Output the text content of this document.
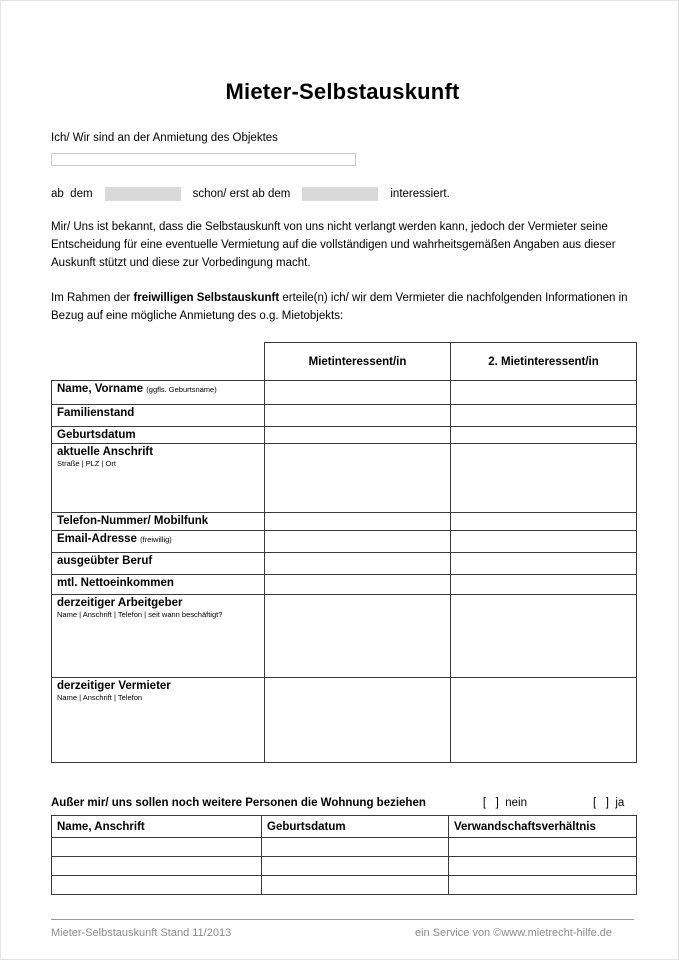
Mieter-Selbstauskunft
Ich/ Wir sind an der Anmietung des Objektes
ab  dem	schon/ erst ab dem	interessiert.

Mir/ Uns ist bekannt, dass die Selbstauskunft von uns nicht verlangt werden kann, jedoch der Vermieter seine Entscheidung für eine eventuelle Vermietung auf die vollständigen und wahrheitsgemäßen Angaben aus dieser Auskunft stützt und diese zur Vorbedingung macht.

Im Rahmen der freiwilligen Selbstauskunft erteile(n) ich/ wir dem Vermieter die nachfolgenden Informationen in Bezug auf eine mögliche Anmietung des o.g. Mietobjekts:

	Mietinteressent/in	2. Mietinteressent/in
Name, Vorname (ggfls. Geburtsname)		
Familienstand		
Geburtsdatum		
aktuelle Anschrift
Straße | PLZ | Ort		

Telefon-Nummer/ Mobilfunk		
Email-Adresse (freiwillig)		
ausgeübter Beruf		
mtl. Nettoeinkommen		
derzeitiger Arbeitgeber
Name | Anschrift | Telefon | seit wann beschäftigt?		

derzeitiger Vermieter
Name | Anschrift | Telefon		

Außer mir/ uns sollen noch weitere Personen die Wohnung beziehen	[   ]  nein	[   ]  ja
Name, Anschrift	Geburtsdatum	Verwandschaftsverhältnis

Mieter-Selbstauskunft Stand 11/2013	ein Service von ©www.mietrecht-hilfe.de
